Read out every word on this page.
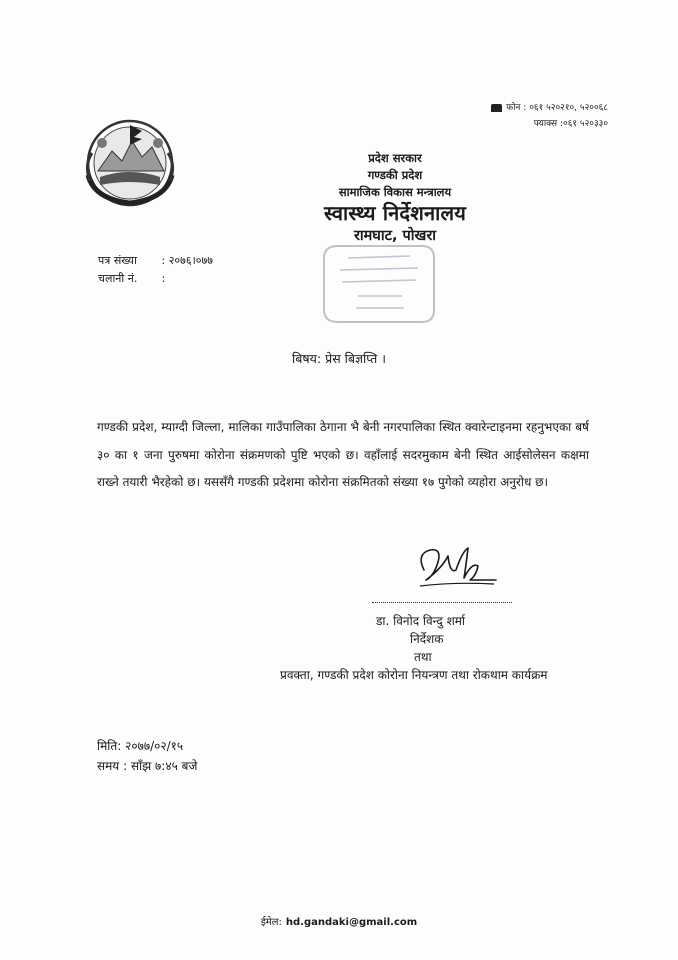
फोन : ०६१ ५२०२१०, ५२००६८
फ्याक्स :०६१ ५२०३३०
प्रदेश सरकार
गण्डकी प्रदेश
सामाजिक विकास मन्त्रालय
स्वास्थ्य निर्देशनालय
रामघाट, पोखरा
पत्र संख्या : २०७६।०७७
चलानी नं. :
बिषय: प्रेस बिज्ञप्ति ।
गण्डकी प्रदेश, म्याग्दी जिल्ला, मालिका गाउँपालिका ठेगाना भै बेनी नगरपालिका स्थित क्वारेन्टाइनमा रहनुभएका बर्ष ३० का १ जना पुरुषमा कोरोना संक्रमणको पुष्टि भएको छ। वहाँलाई सदरमुकाम बेनी स्थित आईसोलेसन कक्षमा राख्ने तयारी भैरहेको छ। यससँगै गण्डकी प्रदेशमा कोरोना संक्रमितको संख्या १७ पुगेको व्यहोरा अनुरोध छ।
डा. विनोद विन्दु शर्मा
निर्देशक
तथा
प्रवक्ता, गण्डकी प्रदेश कोरोना नियन्त्रण तथा रोकथाम कार्यक्रम
मिति: २०७७/०२/१५
समय : साँझ ७:४५ बजे
ईमेल: hd.gandaki@gmail.com
